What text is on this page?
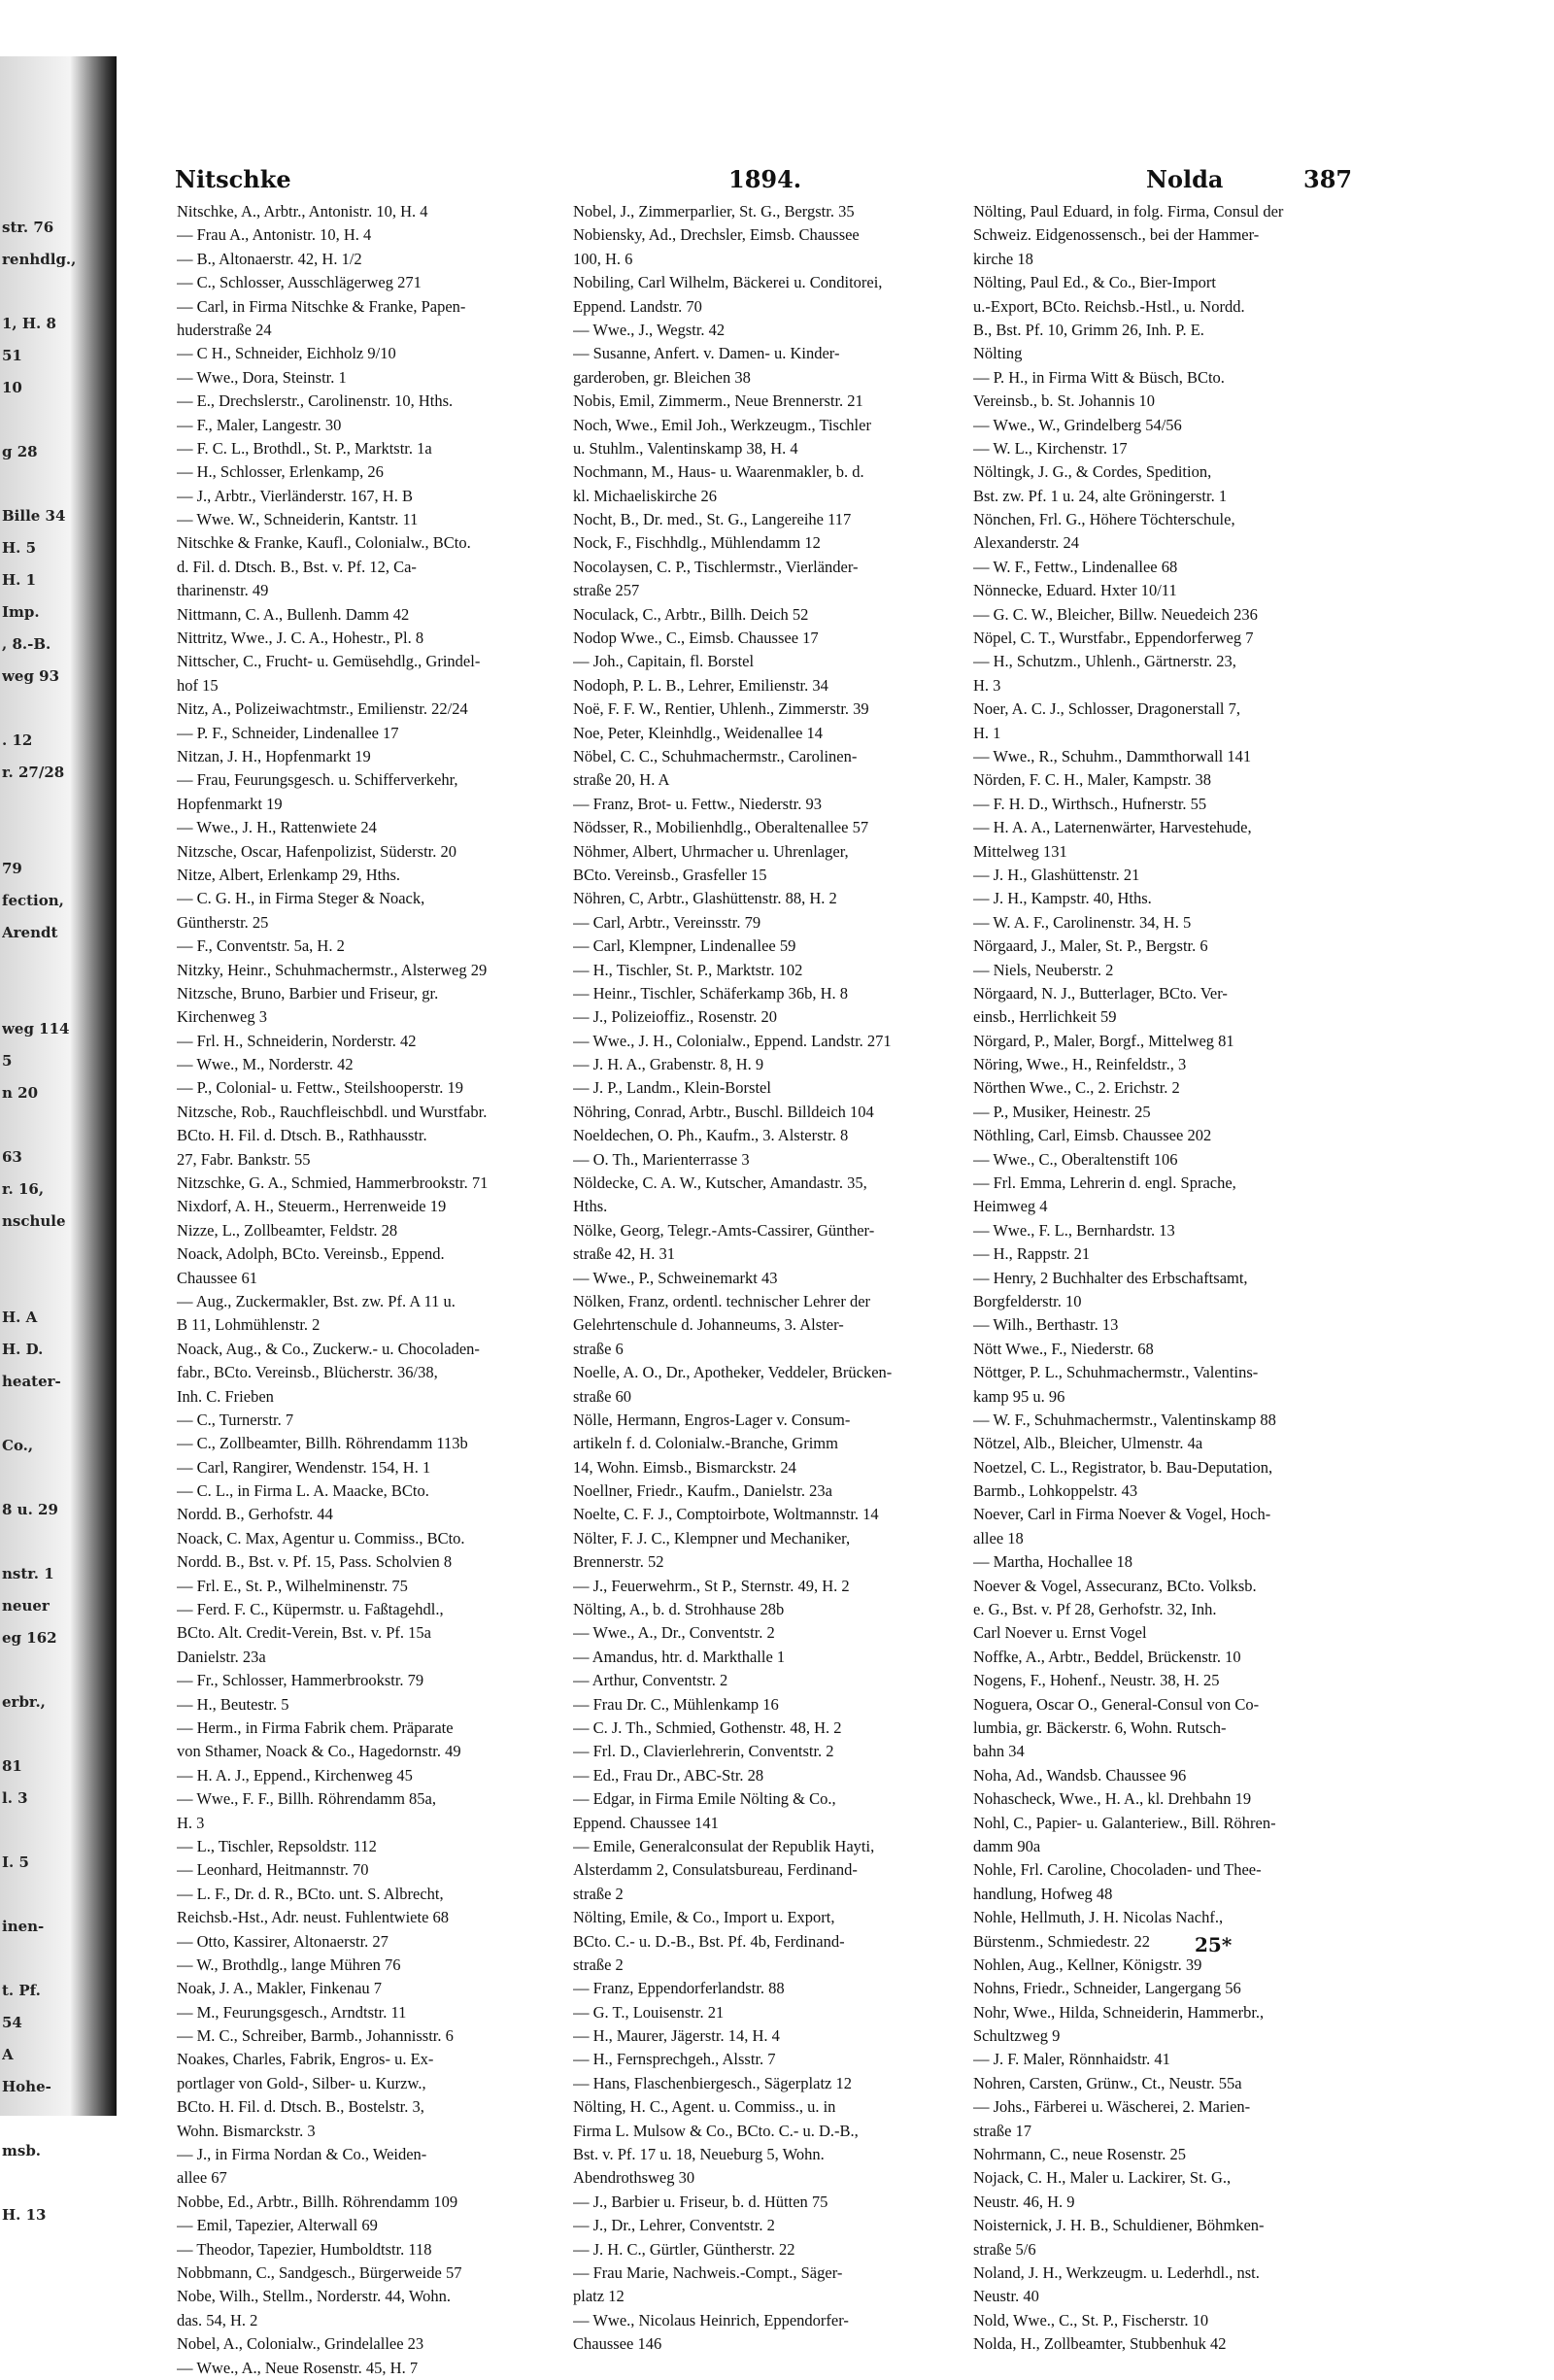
str. 76
renhdlg.,
1, H. 8
51
10
g 28
Bille 34
H. 5
H. 1
Imp.
, 8.-B.
weg 93
. 12
r. 27/28
79
fection,
Arendt
weg 114
5
n 20
63
r. 16,
nschule
H. A
H. D.
heater-
Co.,
8 u. 29
nstr. 1
neuer
eg 162
erbr.,
81
l. 3
I. 5
inen-
t. Pf.
54
A
Hohe-
msb.
H. 13
Nitschke	1894.	Nolda	387
Nitschke, A., Arbtr., Antonistr. 10, H. 4
— Frau A., Antonistr. 10, H. 4
— B., Altonaerstr. 42, H. 1/2
— C., Schlosser, Ausschlägerweg 271
— Carl, in Firma Nitschke & Franke, Papen-
huderstraße 24
— C H., Schneider, Eichholz 9/10
— Wwe., Dora, Steinstr. 1
— E., Drechslerstr., Carolinenstr. 10, Hths.
— F., Maler, Langestr. 30
— F. C. L., Brothdl., St. P., Marktstr. 1a
— H., Schlosser, Erlenkamp, 26
— J., Arbtr., Vierländerstr. 167, H. B
— Wwe. W., Schneiderin, Kantstr. 11
Nitschke & Franke, Kaufl., Colonialw., BCto.
d. Fil. d. Dtsch. B., Bst. v. Pf. 12, Ca-
tharinenstr. 49
Nittmann, C. A., Bullenh. Damm 42
Nittritz, Wwe., J. C. A., Hohestr., Pl. 8
Nittscher, C., Frucht- u. Gemüsehdlg., Grindel-
hof 15
Nitz, A., Polizeiwachtmstr., Emilienstr. 22/24
— P. F., Schneider, Lindenallee 17
Nitzan, J. H., Hopfenmarkt 19
— Frau, Feurungsgesch. u. Schifferverkehr,
Hopfenmarkt 19
— Wwe., J. H., Rattenwiete 24
Nitzsche, Oscar, Hafenpolizist, Süderstr. 20
Nitze, Albert, Erlenkamp 29, Hths.
— C. G. H., in Firma Steger & Noack,
Güntherstr. 25
— F., Conventstr. 5a, H. 2
Nitzky, Heinr., Schuhmachermstr., Alsterweg 29
Nitzsche, Bruno, Barbier und Friseur, gr.
Kirchenweg 3
— Frl. H., Schneiderin, Norderstr. 42
— Wwe., M., Norderstr. 42
— P., Colonial- u. Fettw., Steilshooperstr. 19
Nitzsche, Rob., Rauchfleischbdl. und Wurstfabr.
BCto. H. Fil. d. Dtsch. B., Rathhausstr.
27, Fabr. Bankstr. 55
Nitzschke, G. A., Schmied, Hammerbrookstr. 71
Nixdorf, A. H., Steuerm., Herrenweide 19
Nizze, L., Zollbeamter, Feldstr. 28
Noack, Adolph, BCto. Vereinsb., Eppend.
Chaussee 61
— Aug., Zuckermakler, Bst. zw. Pf. A 11 u.
B 11, Lohmühlenstr. 2
Noack, Aug., & Co., Zuckerw.- u. Chocoladen-
fabr., BCto. Vereinsb., Blücherstr. 36/38,
Inh. C. Frieben
— C., Turnerstr. 7
— C., Zollbeamter, Billh. Röhrendamm 113b
— Carl, Rangirer, Wendenstr. 154, H. 1
— C. L., in Firma L. A. Maacke, BCto.
Nordd. B., Gerhofstr. 44
Noack, C. Max, Agentur u. Commiss., BCto.
Nordd. B., Bst. v. Pf. 15, Pass. Scholvien 8
— Frl. E., St. P., Wilhelminenstr. 75
— Ferd. F. C., Küpermstr. u. Faßtagehdl.,
BCto. Alt. Credit-Verein, Bst. v. Pf. 15a
Danielstr. 23a
— Fr., Schlosser, Hammerbrookstr. 79
— H., Beutestr. 5
— Herm., in Firma Fabrik chem. Präparate
von Sthamer, Noack & Co., Hagedornstr. 49
— H. A. J., Eppend., Kirchenweg 45
— Wwe., F. F., Billh. Röhrendamm 85a,
H. 3
— L., Tischler, Repsoldstr. 112
— Leonhard, Heitmannstr. 70
— L. F., Dr. d. R., BCto. unt. S. Albrecht,
Reichsb.-Hst., Adr. neust. Fuhlentwiete 68
— Otto, Kassirer, Altonaerstr. 27
— W., Brothdlg., lange Mühren 76
Noak, J. A., Makler, Finkenau 7
— M., Feurungsgesch., Arndtstr. 11
— M. C., Schreiber, Barmb., Johannisstr. 6
Noakes, Charles, Fabrik, Engros- u. Ex-
portlager von Gold-, Silber- u. Kurzw.,
BCto. H. Fil. d. Dtsch. B., Bostelstr. 3,
Wohn. Bismarckstr. 3
— J., in Firma Nordan & Co., Weiden-
allee 67
Nobbe, Ed., Arbtr., Billh. Röhrendamm 109
— Emil, Tapezier, Alterwall 69
— Theodor, Tapezier, Humboldtstr. 118
Nobbmann, C., Sandgesch., Bürgerweide 57
Nobe, Wilh., Stellm., Norderstr. 44, Wohn.
das. 54, H. 2
Nobel, A., Colonialw., Grindelallee 23
— Wwe., A., Neue Rosenstr. 45, H. 7
Nobel, J., Zimmerparlier, St. G., Bergstr. 35
Nobiensky, Ad., Drechsler, Eimsb. Chaussee
100, H. 6
Nobiling, Carl Wilhelm, Bäckerei u. Conditorei,
Eppend. Landstr. 70
— Wwe., J., Wegstr. 42
— Susanne, Anfert. v. Damen- u. Kinder-
garderoben, gr. Bleichen 38
Nobis, Emil, Zimmerm., Neue Brennerstr. 21
Noch, Wwe., Emil Joh., Werkzeugm., Tischler
u. Stuhlm., Valentinskamp 38, H. 4
Nochmann, M., Haus- u. Waarenmakler, b. d.
kl. Michaeliskirche 26
Nocht, B., Dr. med., St. G., Langereihe 117
Nock, F., Fischhdlg., Mühlendamm 12
Nocolaysen, C. P., Tischlermstr., Vierländer-
straße 257
Noculack, C., Arbtr., Billh. Deich 52
Nodop Wwe., C., Eimsb. Chaussee 17
— Joh., Capitain, fl. Borstel
Nodoph, P. L. B., Lehrer, Emilienstr. 34
Noë, F. F. W., Rentier, Uhlenh., Zimmerstr. 39
Noe, Peter, Kleinhdlg., Weidenallee 14
Nöbel, C. C., Schuhmachermstr., Carolinen-
straße 20, H. A
— Franz, Brot- u. Fettw., Niederstr. 93
Nödsser, R., Mobilienhdlg., Oberaltenallee 57
Nöhmer, Albert, Uhrmacher u. Uhrenlager,
BCto. Vereinsb., Grasfeller 15
Nöhren, C, Arbtr., Glashüttenstr. 88, H. 2
— Carl, Arbtr., Vereinsstr. 79
— Carl, Klempner, Lindenallee 59
— H., Tischler, St. P., Marktstr. 102
— Heinr., Tischler, Schäferkamp 36b, H. 8
— J., Polizeioffiz., Rosenstr. 20
— Wwe., J. H., Colonialw., Eppend. Landstr. 271
— J. H. A., Grabenstr. 8, H. 9
— J. P., Landm., Klein-Borstel
Nöhring, Conrad, Arbtr., Buschl. Billdeich 104
Noeldechen, O. Ph., Kaufm., 3. Alsterstr. 8
— O. Th., Marienterrasse 3
Nöldecke, C. A. W., Kutscher, Amandastr. 35,
Hths.
Nölke, Georg, Telegr.-Amts-Cassirer, Günther-
straße 42, H. 31
— Wwe., P., Schweinemarkt 43
Nölken, Franz, ordentl. technischer Lehrer der
Gelehrtenschule d. Johanneums, 3. Alster-
straße 6
Noelle, A. O., Dr., Apotheker, Veddeler, Brücken-
straße 60
Nölle, Hermann, Engros-Lager v. Consum-
artikeln f. d. Colonialw.-Branche, Grimm
14, Wohn. Eimsb., Bismarckstr. 24
Noellner, Friedr., Kaufm., Danielstr. 23a
Noelte, C. F. J., Comptoirbote, Woltmannstr. 14
Nölter, F. J. C., Klempner und Mechaniker,
Brennerstr. 52
— J., Feuerwehrm., St P., Sternstr. 49, H. 2
Nölting, A., b. d. Strohhause 28b
— Wwe., A., Dr., Conventstr. 2
— Amandus, htr. d. Markthalle 1
— Arthur, Conventstr. 2
— Frau Dr. C., Mühlenkamp 16
— C. J. Th., Schmied, Gothenstr. 48, H. 2
— Frl. D., Clavierlehrerin, Conventstr. 2
— Ed., Frau Dr., ABC-Str. 28
— Edgar, in Firma Emile Nölting & Co.,
Eppend. Chaussee 141
— Emile, Generalconsulat der Republik Hayti,
Alsterdamm 2, Consulatsbureau, Ferdinand-
straße 2
Nölting, Emile, & Co., Import u. Export,
BCto. C.- u. D.-B., Bst. Pf. 4b, Ferdinand-
straße 2
— Franz, Eppendorferlandstr. 88
— G. T., Louisenstr. 21
— H., Maurer, Jägerstr. 14, H. 4
— H., Fernsprechgeh., Alsstr. 7
— Hans, Flaschenbiergesch., Sägerplatz 12
Nölting, H. C., Agent. u. Commiss., u. in
Firma L. Mulsow & Co., BCto. C.- u. D.-B.,
Bst. v. Pf. 17 u. 18, Neueburg 5, Wohn.
Abendrothsweg 30
— J., Barbier u. Friseur, b. d. Hütten 75
— J., Dr., Lehrer, Conventstr. 2
— J. H. C., Gürtler, Güntherstr. 22
— Frau Marie, Nachweis.-Compt., Säger-
platz 12
— Wwe., Nicolaus Heinrich, Eppendorfer-
Chaussee 146
Nölting, Paul Eduard, in folg. Firma, Consul der
Schweiz. Eidgenossensch., bei der Hammer-
kirche 18
Nölting, Paul Ed., & Co., Bier-Import
u.-Export, BCto. Reichsb.-Hstl., u. Nordd.
B., Bst. Pf. 10, Grimm 26, Inh. P. E.
Nölting
— P. H., in Firma Witt & Büsch, BCto.
Vereinsb., b. St. Johannis 10
— Wwe., W., Grindelberg 54/56
— W. L., Kirchenstr. 17
Nöltingk, J. G., & Cordes, Spedition,
Bst. zw. Pf. 1 u. 24, alte Gröningerstr. 1
Nönchen, Frl. G., Höhere Töchterschule,
Alexanderstr. 24
— W. F., Fettw., Lindenallee 68
Nönnecke, Eduard. Hxter 10/11
— G. C. W., Bleicher, Billw. Neuedeich 236
Nöpel, C. T., Wurstfabr., Eppendorferweg 7
— H., Schutzm., Uhlenh., Gärtnerstr. 23,
H. 3
Noer, A. C. J., Schlosser, Dragonerstall 7,
H. 1
— Wwe., R., Schuhm., Dammthorwall 141
Nörden, F. C. H., Maler, Kampstr. 38
— F. H. D., Wirthsch., Hufnerstr. 55
— H. A. A., Laternenwärter, Harvestehude,
Mittelweg 131
— J. H., Glashüttenstr. 21
— J. H., Kampstr. 40, Hths.
— W. A. F., Carolinenstr. 34, H. 5
Nörgaard, J., Maler, St. P., Bergstr. 6
— Niels, Neuberstr. 2
Nörgaard, N. J., Butterlager, BCto. Ver-
einsb., Herrlichkeit 59
Nörgard, P., Maler, Borgf., Mittelweg 81
Nöring, Wwe., H., Reinfeldstr., 3
Nörthen Wwe., C., 2. Erichstr. 2
— P., Musiker, Heinestr. 25
Nöthling, Carl, Eimsb. Chaussee 202
— Wwe., C., Oberaltenstift 106
— Frl. Emma, Lehrerin d. engl. Sprache,
Heimweg 4
— Wwe., F. L., Bernhardstr. 13
— H., Rappstr. 21
— Henry, 2 Buchhalter des Erbschaftsamt,
Borgfelderstr. 10
— Wilh., Berthastr. 13
Nött Wwe., F., Niederstr. 68
Nöttger, P. L., Schuhmachermstr., Valentins-
kamp 95 u. 96
— W. F., Schuhmachermstr., Valentinskamp 88
Nötzel, Alb., Bleicher, Ulmenstr. 4a
Noetzel, C. L., Registrator, b. Bau-Deputation,
Barmb., Lohkoppelstr. 43
Noever, Carl in Firma Noever & Vogel, Hoch-
allee 18
— Martha, Hochallee 18
Noever & Vogel, Assecuranz, BCto. Volksb.
e. G., Bst. v. Pf 28, Gerhofstr. 32, Inh.
Carl Noever u. Ernst Vogel
Noffke, A., Arbtr., Beddel, Brückenstr. 10
Nogens, F., Hohenf., Neustr. 38, H. 25
Noguera, Oscar O., General-Consul von Co-
lumbia, gr. Bäckerstr. 6, Wohn. Rutsch-
bahn 34
Noha, Ad., Wandsb. Chaussee 96
Nohascheck, Wwe., H. A., kl. Drehbahn 19
Nohl, C., Papier- u. Galanteriew., Bill. Röhren-
damm 90a
Nohle, Frl. Caroline, Chocoladen- und Thee-
handlung, Hofweg 48
Nohle, Hellmuth, J. H. Nicolas Nachf.,
Bürstenm., Schmiedestr. 22
Nohlen, Aug., Kellner, Königstr. 39
Nohns, Friedr., Schneider, Langergang 56
Nohr, Wwe., Hilda, Schneiderin, Hammerbr.,
Schultzweg 9
— J. F. Maler, Rönnhaidstr. 41
Nohren, Carsten, Grünw., Ct., Neustr. 55a
— Johs., Färberei u. Wäscherei, 2. Marien-
straße 17
Nohrmann, C., neue Rosenstr. 25
Nojack, C. H., Maler u. Lackirer, St. G.,
Neustr. 46, H. 9
Noisternick, J. H. B., Schuldiener, Böhmken-
straße 5/6
Noland, J. H., Werkzeugm. u. Lederhdl., nst.
Neustr. 40
Nold, Wwe., C., St. P., Fischerstr. 10
Nolda, H., Zollbeamter, Stubbenhuk 42
25*
